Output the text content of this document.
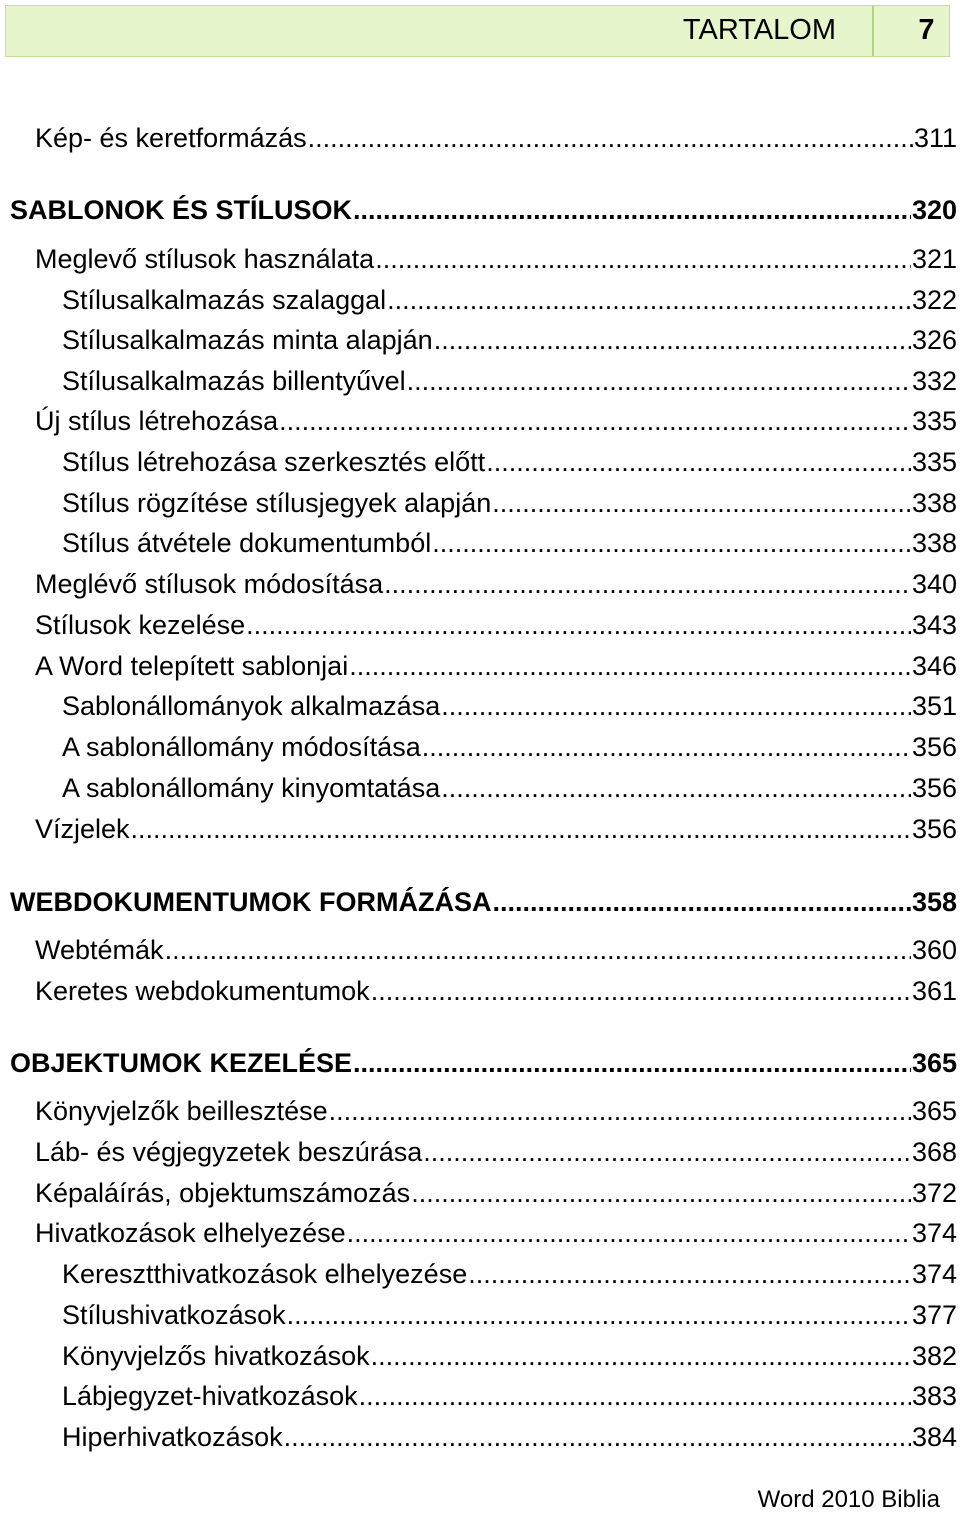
TARTALOM	7
Kép- és keretformázás .....	311
SABLONOK ÉS STÍLUSOK .....	320
Meglevő stílusok használata .....	321
Stílusalkalmazás szalaggal .....	322
Stílusalkalmazás minta alapján .....	326
Stílusalkalmazás billentyűvel .....	332
Új stílus létrehozása .....	335
Stílus létrehozása szerkesztés előtt .....	335
Stílus rögzítése stílusjegyek alapján .....	338
Stílus átvétele dokumentumból .....	338
Meglévő stílusok módosítása .....	340
Stílusok kezelése .....	343
A Word telepített sablonjai .....	346
Sablonállományok alkalmazása .....	351
A sablonállomány módosítása .....	356
A sablonállomány kinyomtatása .....	356
Vízjelek .....	356
WEBDOKUMENTUMOK FORMÁZÁSA .....	358
Webtémák .....	360
Keretes webdokumentumok .....	361
OBJEKTUMOK KEZELÉSE .....	365
Könyvjelzők beillesztése .....	365
Láb- és végjegyzetek beszúrása .....	368
Képaláírás, objektumszámozás .....	372
Hivatkozások elhelyezése .....	374
Keresztthivatkozások elhelyezése .....	374
Stílushivatkozások .....	377
Könyvjelzős hivatkozások .....	382
Lábjegyzet-hivatkozások .....	383
Hiperhivatkozások .....	384
Word 2010 Biblia
